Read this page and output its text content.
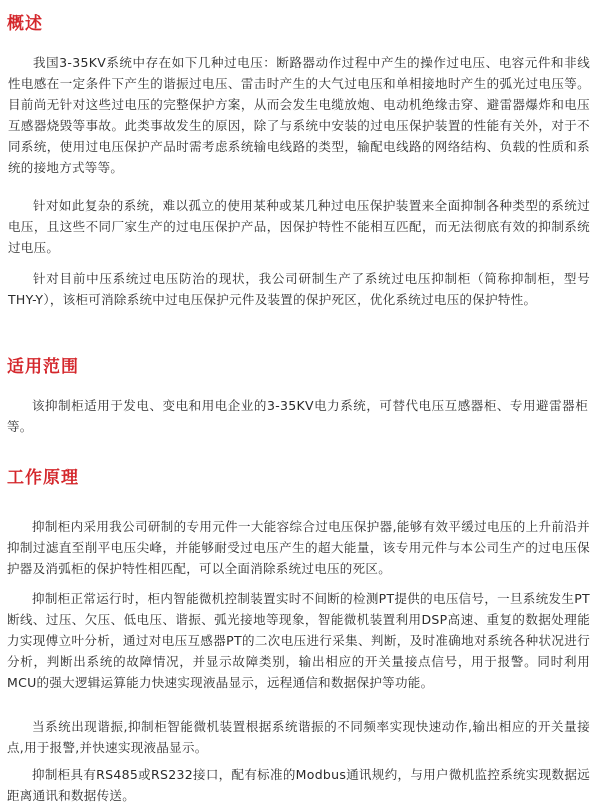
概述

我国3-35KV系统中存在如下几种过电压：断路器动作过程中产生的操作过电压、电容元件和非线性电感在一定条件下产生的谐振过电压、雷击时产生的大气过电压和单相接地时产生的弧光过电压等。目前尚无针对这些过电压的完整保护方案，从而会发生电缆放炮、电动机绝缘击穿、避雷器爆炸和电压互感器烧毁等事故。此类事故发生的原因，除了与系统中安装的过电压保护装置的性能有关外，对于不同系统，使用过电压保护产品时需考虑系统输电线路的类型，输配电线路的网络结构、负载的性质和系统的接地方式等等。

针对如此复杂的系统，难以孤立的使用某种或某几种过电压保护装置来全面抑制各种类型的系统过电压，且这些不同厂家生产的过电压保护产品，因保护特性不能相互匹配，而无法彻底有效的抑制系统过电压。

针对目前中压系统过电压防治的现状，我公司研制生产了系统过电压抑制柜（简称抑制柜，型号THY-Y），该柜可消除系统中过电压保护元件及装置的保护死区，优化系统过电压的保护特性。

适用范围

该抑制柜适用于发电、变电和用电企业的3-35KV电力系统，可替代电压互感器柜、专用避雷器柜等。

工作原理

抑制柜内采用我公司研制的专用元件一大能容综合过电压保护器,能够有效平缓过电压的上升前沿并抑制过滤直至削平电压尖峰，并能够耐受过电压产生的超大能量，该专用元件与本公司生产的过电压保护器及消弧柜的保护特性相匹配，可以全面消除系统过电压的死区。

抑制柜正常运行时，柜内智能微机控制装置实时不间断的检测PT提供的电压信号，一旦系统发生PT断线、过压、欠压、低电压、谐振、弧光接地等现象，智能微机装置利用DSP高速、重复的数据处理能力实现傅立叶分析，通过对电压互感器PT的二次电压进行采集、判断，及时准确地对系统各种状况进行分析，判断出系统的故障情况，并显示故障类别，输出相应的开关量接点信号，用于报警。同时利用MCU的强大逻辑运算能力快速实现液晶显示，远程通信和数据保护等功能。

当系统出现谐振,抑制柜智能微机装置根据系统谐振的不同频率实现快速动作,输出相应的开关量接点,用于报警,并快速实现液晶显示。

抑制柜具有RS485或RS232接口，配有标准的Modbus通讯规约，与用户微机监控系统实现数据远距离通讯和数据传送。
